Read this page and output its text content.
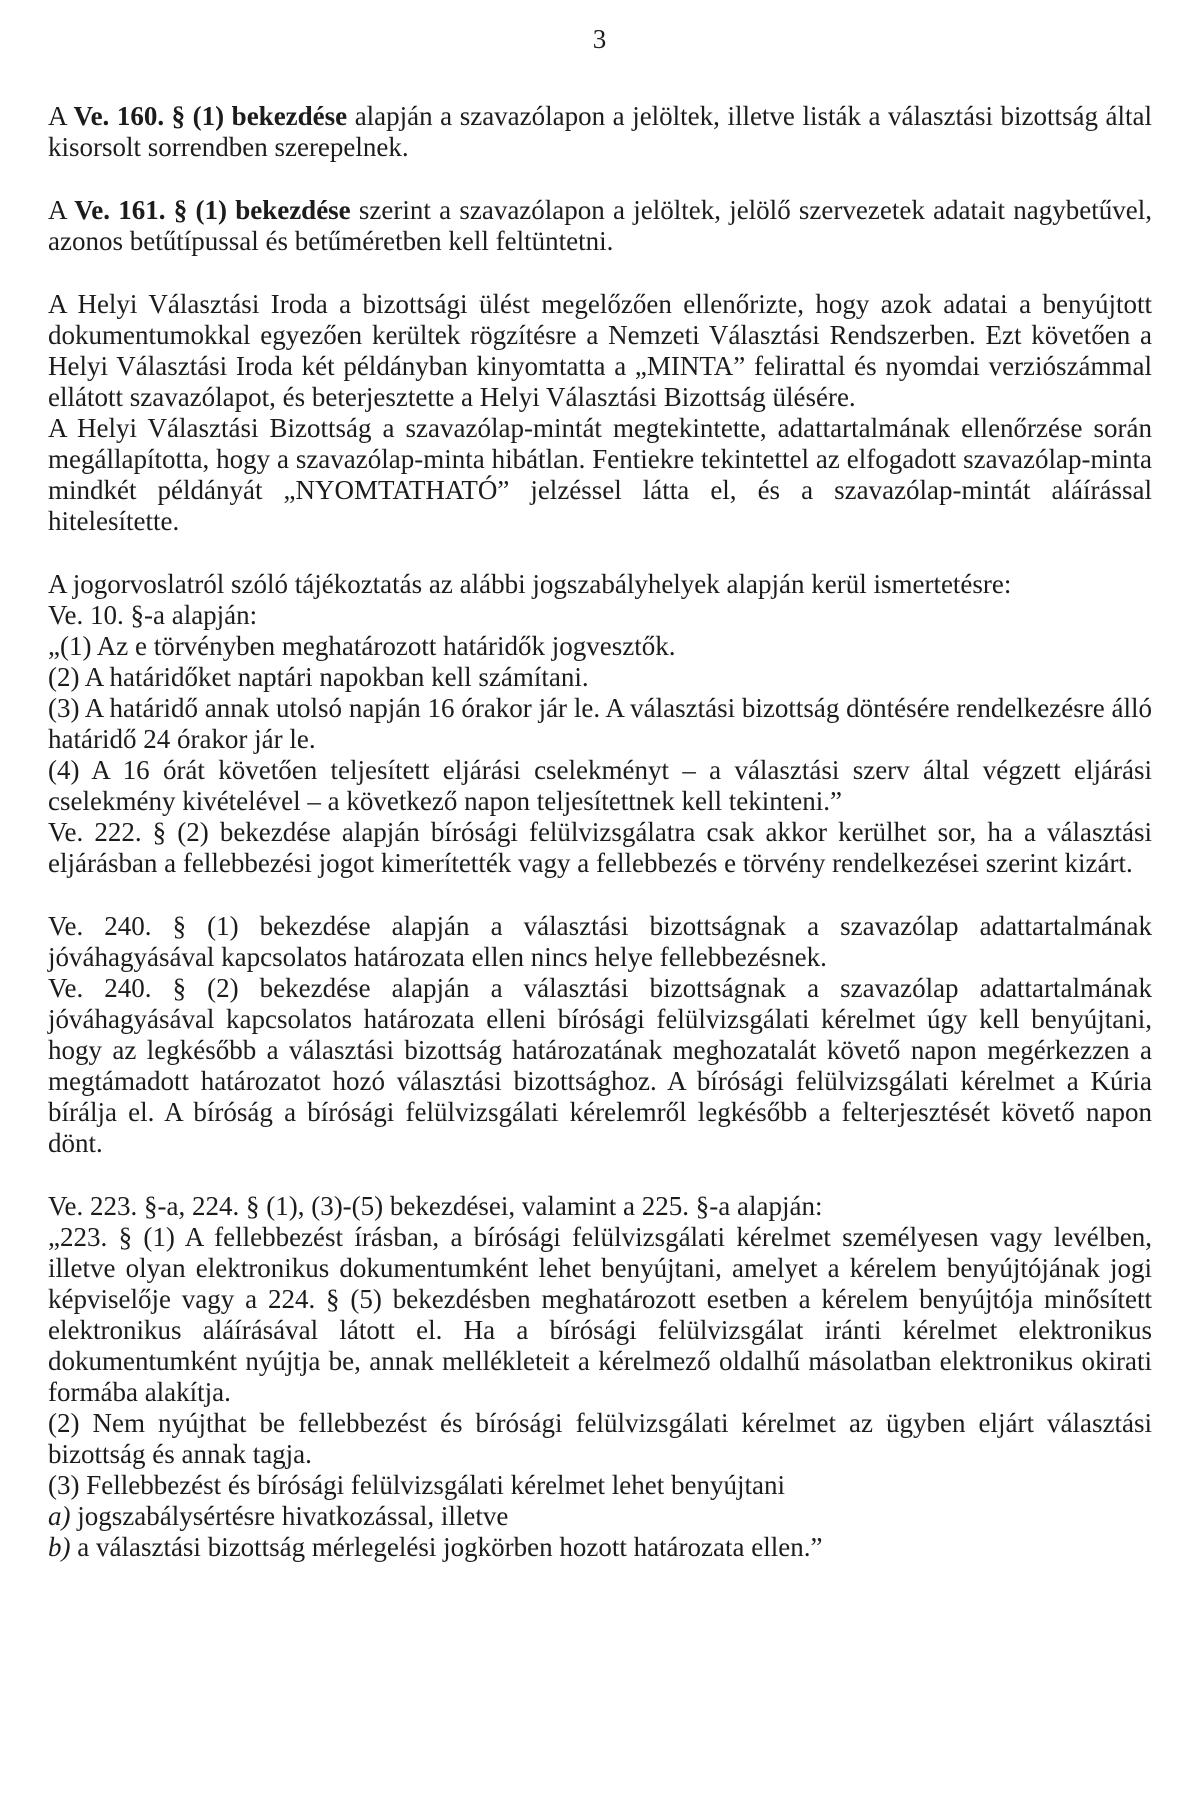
3

A Ve. 160. § (1) bekezdése alapján a szavazólapon a jelöltek, illetve listák a választási bizottság által kisorsolt sorrendben szerepelnek.

A Ve. 161. § (1) bekezdése szerint a szavazólapon a jelöltek, jelölő szervezetek adatait nagybetűvel, azonos betűtípussal és betűméretben kell feltüntetni.

A Helyi Választási Iroda a bizottsági ülést megelőzően ellenőrizte, hogy azok adatai a benyújtott dokumentumokkal egyezően kerültek rögzítésre a Nemzeti Választási Rendszerben. Ezt követően a Helyi Választási Iroda két példányban kinyomtatta a „MINTA” felirattal és nyomdai verziószámmal ellátott szavazólapot, és beterjesztette a Helyi Választási Bizottság ülésére.

A Helyi Választási Bizottság a szavazólap-mintát megtekintette, adattartalmának ellenőrzése során megállapította, hogy a szavazólap-minta hibátlan. Fentiekre tekintettel az elfogadott szavazólap-minta mindkét példányát „NYOMTATHATÓ” jelzéssel látta el, és a szavazólap-mintát aláírással hitelesítette.

A jogorvoslatról szóló tájékoztatás az alábbi jogszabályhelyek alapján kerül ismertetésre:

Ve. 10. §-a alapján:

„(1) Az e törvényben meghatározott határidők jogvesztők.

(2) A határidőket naptári napokban kell számítani.

(3) A határidő annak utolsó napján 16 órakor jár le. A választási bizottság döntésére rendelkezésre álló határidő 24 órakor jár le.

(4) A 16 órát követően teljesített eljárási cselekményt – a választási szerv által végzett eljárási cselekmény kivételével – a következő napon teljesítettnek kell tekinteni.”

Ve. 222. § (2) bekezdése alapján bírósági felülvizsgálatra csak akkor kerülhet sor, ha a választási eljárásban a fellebbezési jogot kimerítették vagy a fellebbezés e törvény rendelkezései szerint kizárt.

Ve. 240. § (1) bekezdése alapján a választási bizottságnak a szavazólap adattartalmának jóváhagyásával kapcsolatos határozata ellen nincs helye fellebbezésnek.

Ve. 240. § (2) bekezdése alapján a választási bizottságnak a szavazólap adattartalmának jóváhagyásával kapcsolatos határozata elleni bírósági felülvizsgálati kérelmet úgy kell benyújtani, hogy az legkésőbb a választási bizottság határozatának meghozatalát követő napon megérkezzen a megtámadott határozatot hozó választási bizottsághoz. A bírósági felülvizsgálati kérelmet a Kúria bírálja el. A bíróság a bírósági felülvizsgálati kérelemről legkésőbb a felterjesztését követő napon dönt.

Ve. 223. §-a, 224. § (1), (3)-(5) bekezdései, valamint a 225. §-a alapján:

„223. § (1) A fellebbezést írásban, a bírósági felülvizsgálati kérelmet személyesen vagy levélben, illetve olyan elektronikus dokumentumként lehet benyújtani, amelyet a kérelem benyújtójának jogi képviselője vagy a 224. § (5) bekezdésben meghatározott esetben a kérelem benyújtója minősített elektronikus aláírásával látott el. Ha a bírósági felülvizsgálat iránti kérelmet elektronikus dokumentumként nyújtja be, annak mellékleteit a kérelmező oldalhű másolatban elektronikus okirati formába alakítja.

(2) Nem nyújthat be fellebbezést és bírósági felülvizsgálati kérelmet az ügyben eljárt választási bizottság és annak tagja.

(3) Fellebbezést és bírósági felülvizsgálati kérelmet lehet benyújtani

a) jogszabálysértésre hivatkozással, illetve

b) a választási bizottság mérlegelési jogkörben hozott határozata ellen.”
